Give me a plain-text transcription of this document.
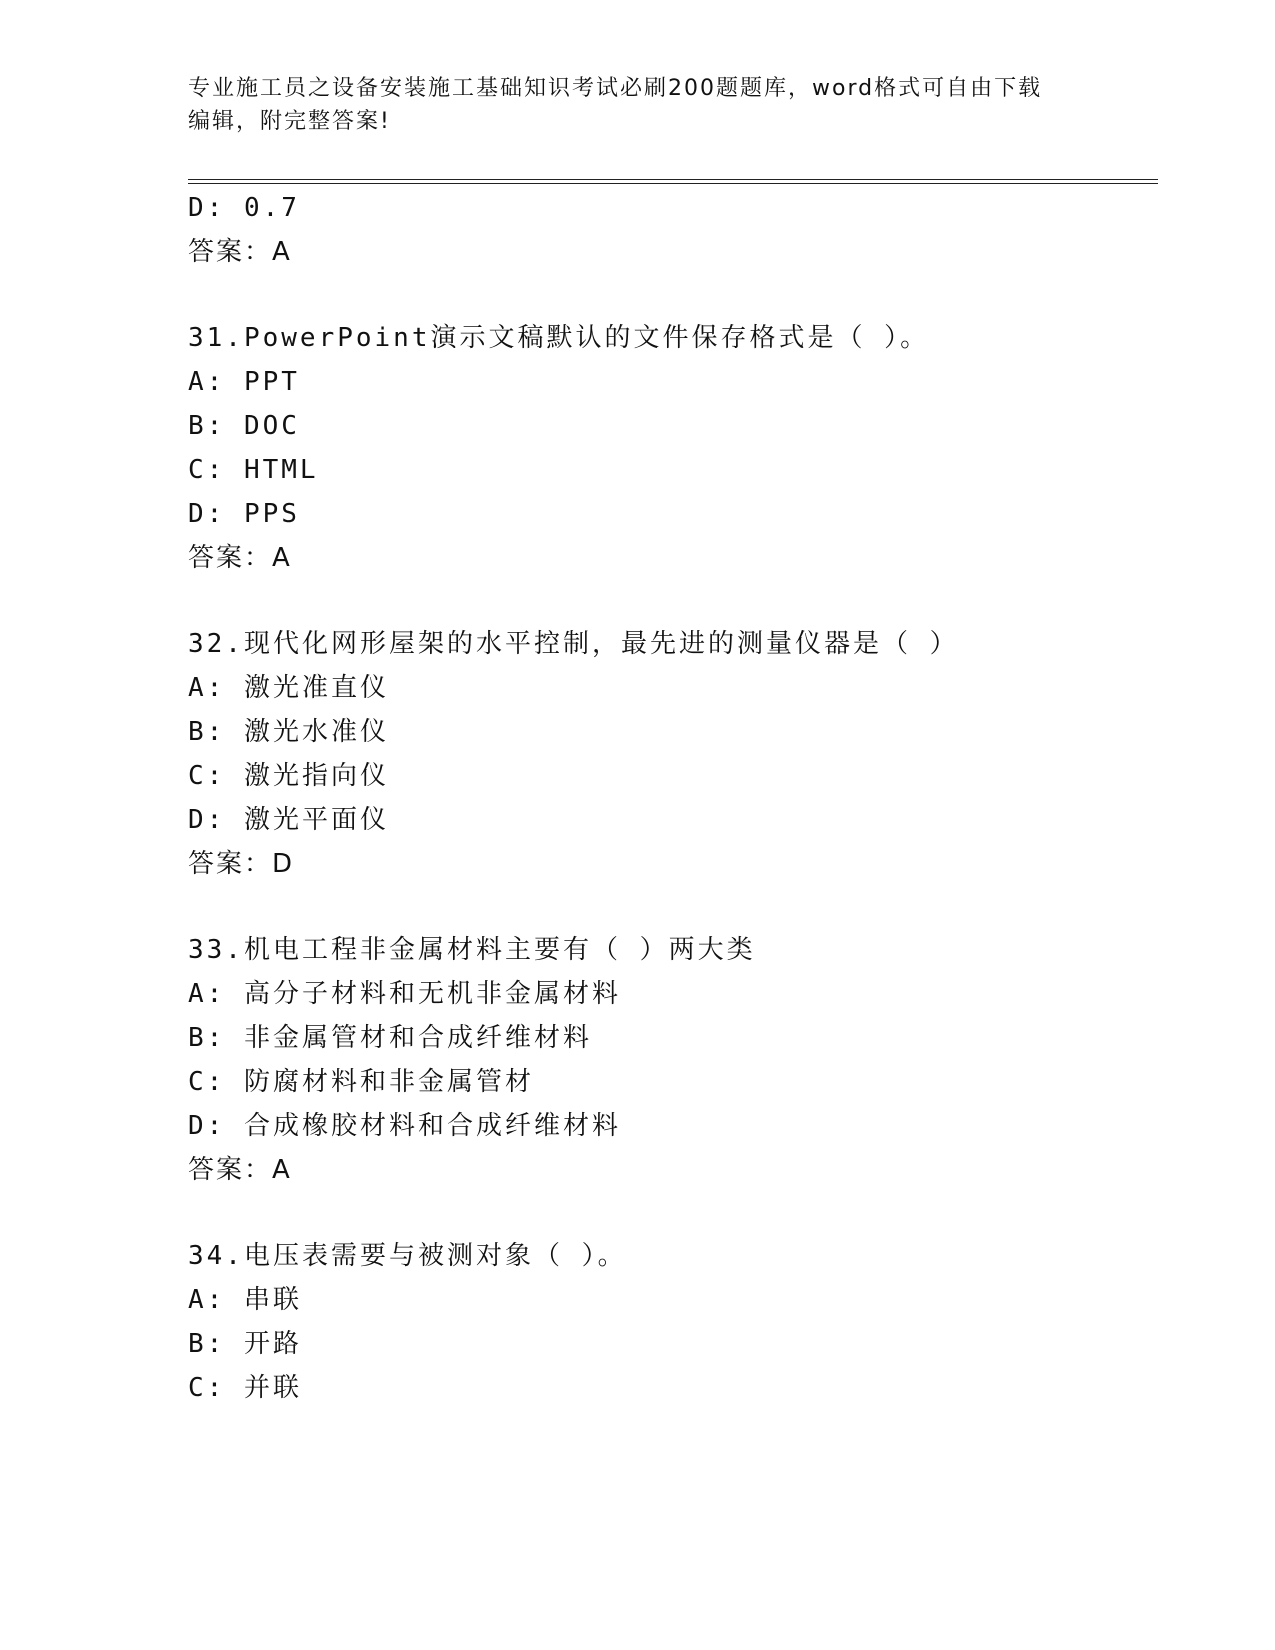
专业施工员之设备安装施工基础知识考试必刷200题题库，word格式可自由下载
编辑，附完整答案!
D: 0.7
答案：A
31.PowerPoint演示文稿默认的文件保存格式是（ ）。
A: PPT
B: DOC
C: HTML
D: PPS
答案：A
32.现代化网形屋架的水平控制，最先进的测量仪器是（ ）
A: 激光准直仪
B: 激光水准仪
C: 激光指向仪
D: 激光平面仪
答案：D
33.机电工程非金属材料主要有（ ）两大类
A: 高分子材料和无机非金属材料
B: 非金属管材和合成纤维材料
C: 防腐材料和非金属管材
D: 合成橡胶材料和合成纤维材料
答案：A
34.电压表需要与被测对象（ ）。
A: 串联
B: 开路
C: 并联
